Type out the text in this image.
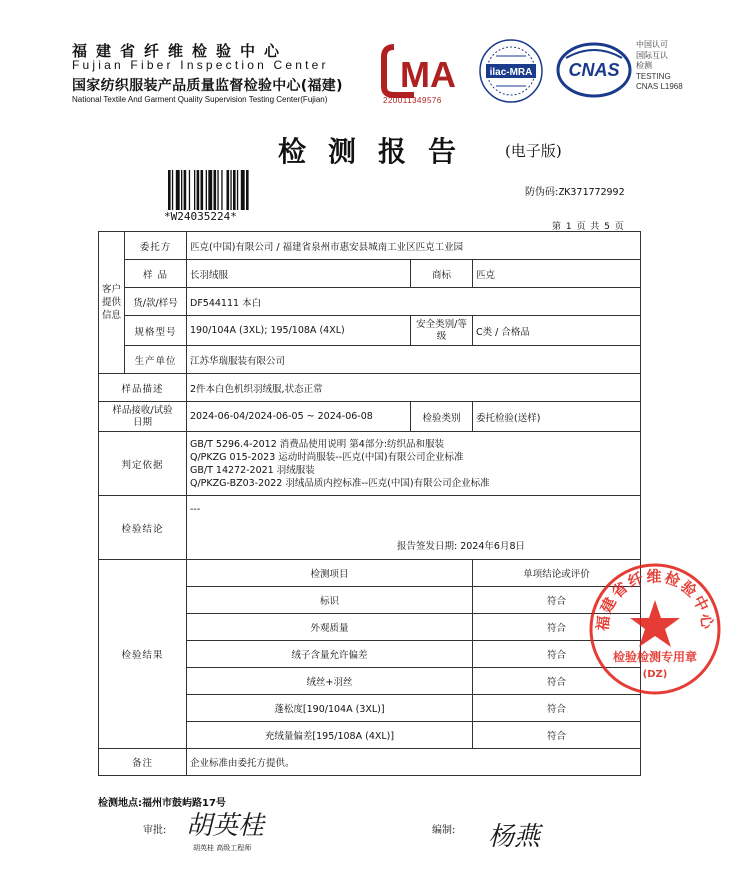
福建省纤维检验中心
Fujian Fiber Inspection Center
国家纺织服装产品质量监督检验中心(福建)
National Textile And Garment Quality Supervision Testing Center(Fujian)
MA
220011349576
ilac-MRA CNAS
中国认可
国际互认
检测
TESTING
CNAS L1968
检测报告 (电子版)
*W24035224*
防伪码:ZK371772992
第 1 页 共 5 页
客户提供信息	委托方	匹克(中国)有限公司 / 福建省泉州市惠安县城南工业区匹克工业园		
	样 品	长羽绒服	商标	匹克
	货/款/样号	DF544111 本白		
	规格型号	190/104A (3XL); 195/108A (4XL)	安全类别/等级	C类 / 合格品
	生产单位	江苏华瑞服装有限公司		
样品描述		2件本白色机织羽绒服,状态正常		
样品接收/试验日期		2024-06-04/2024-06-05 ~ 2024-06-08	检验类别	委托检验(送样)
判定依据		GB/T 5296.4-2012 消费品使用说明 第4部分:纺织品和服装
Q/PKZG 015-2023 运动时尚服装--匹克(中国)有限公司企业标准
GB/T 14272-2021 羽绒服装
Q/PKZG-BZ03-2022 羽绒品质内控标准--匹克(中国)有限公司企业标准		

检验结论		---
报告签发日期: 2024年6月8日		

检验结果		检测项目		单项结论或评价
		标识		符合
		外观质量		符合
		绒子含量允许偏差		符合
		绒丝+羽丝		符合
		蓬松度[190/104A (3XL)]		符合
		充绒量偏差[195/108A (4XL)]		符合
备注		企业标准由委托方提供。		
福建省纤维检验中心
检验检测专用章
(DZ)
检测地点:福州市鼓屿路17号
审批: 胡英桂
胡英桂 高级工程师
编制: 杨燕
